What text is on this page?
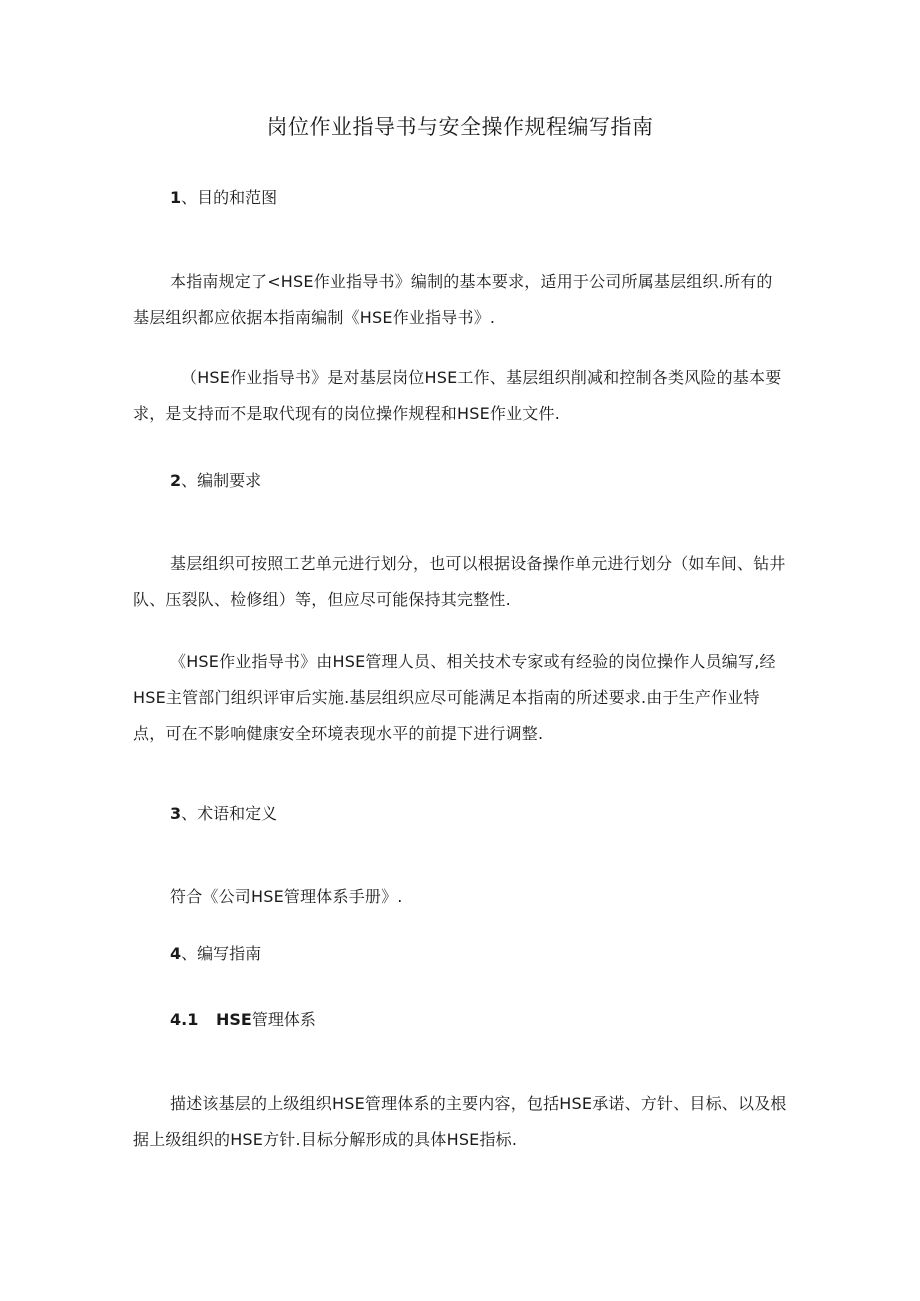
岗位作业指导书与安全操作规程编写指南
1、目的和范图

本指南规定了<HSE作业指导书》编制的基本要求，适用于公司所属基层组织.所有的基层组织都应依据本指南编制《HSE作业指导书》.

（HSE作业指导书》是对基层岗位HSE工作、基层组织削减和控制各类风险的基本要求，是支持而不是取代现有的岗位操作规程和HSE作业文件.

2、编制要求

基层组织可按照工艺单元进行划分，也可以根据设备操作单元进行划分（如车间、钻井队、压裂队、检修组）等，但应尽可能保持其完整性.

《HSE作业指导书》由HSE管理人员、相关技术专家或有经验的岗位操作人员编写,经HSE主管部门组织评审后实施.基层组织应尽可能满足本指南的所述要求.由于生产作业特点，可在不影响健康安全环境表现水平的前提下进行调整.

3、术语和定义

符合《公司HSE管理体系手册》.

4、编写指南
4.1 HSE管理体系

描述该基层的上级组织HSE管理体系的主要内容，包括HSE承诺、方针、目标、以及根据上级组织的HSE方针.目标分解形成的具体HSE指标.
